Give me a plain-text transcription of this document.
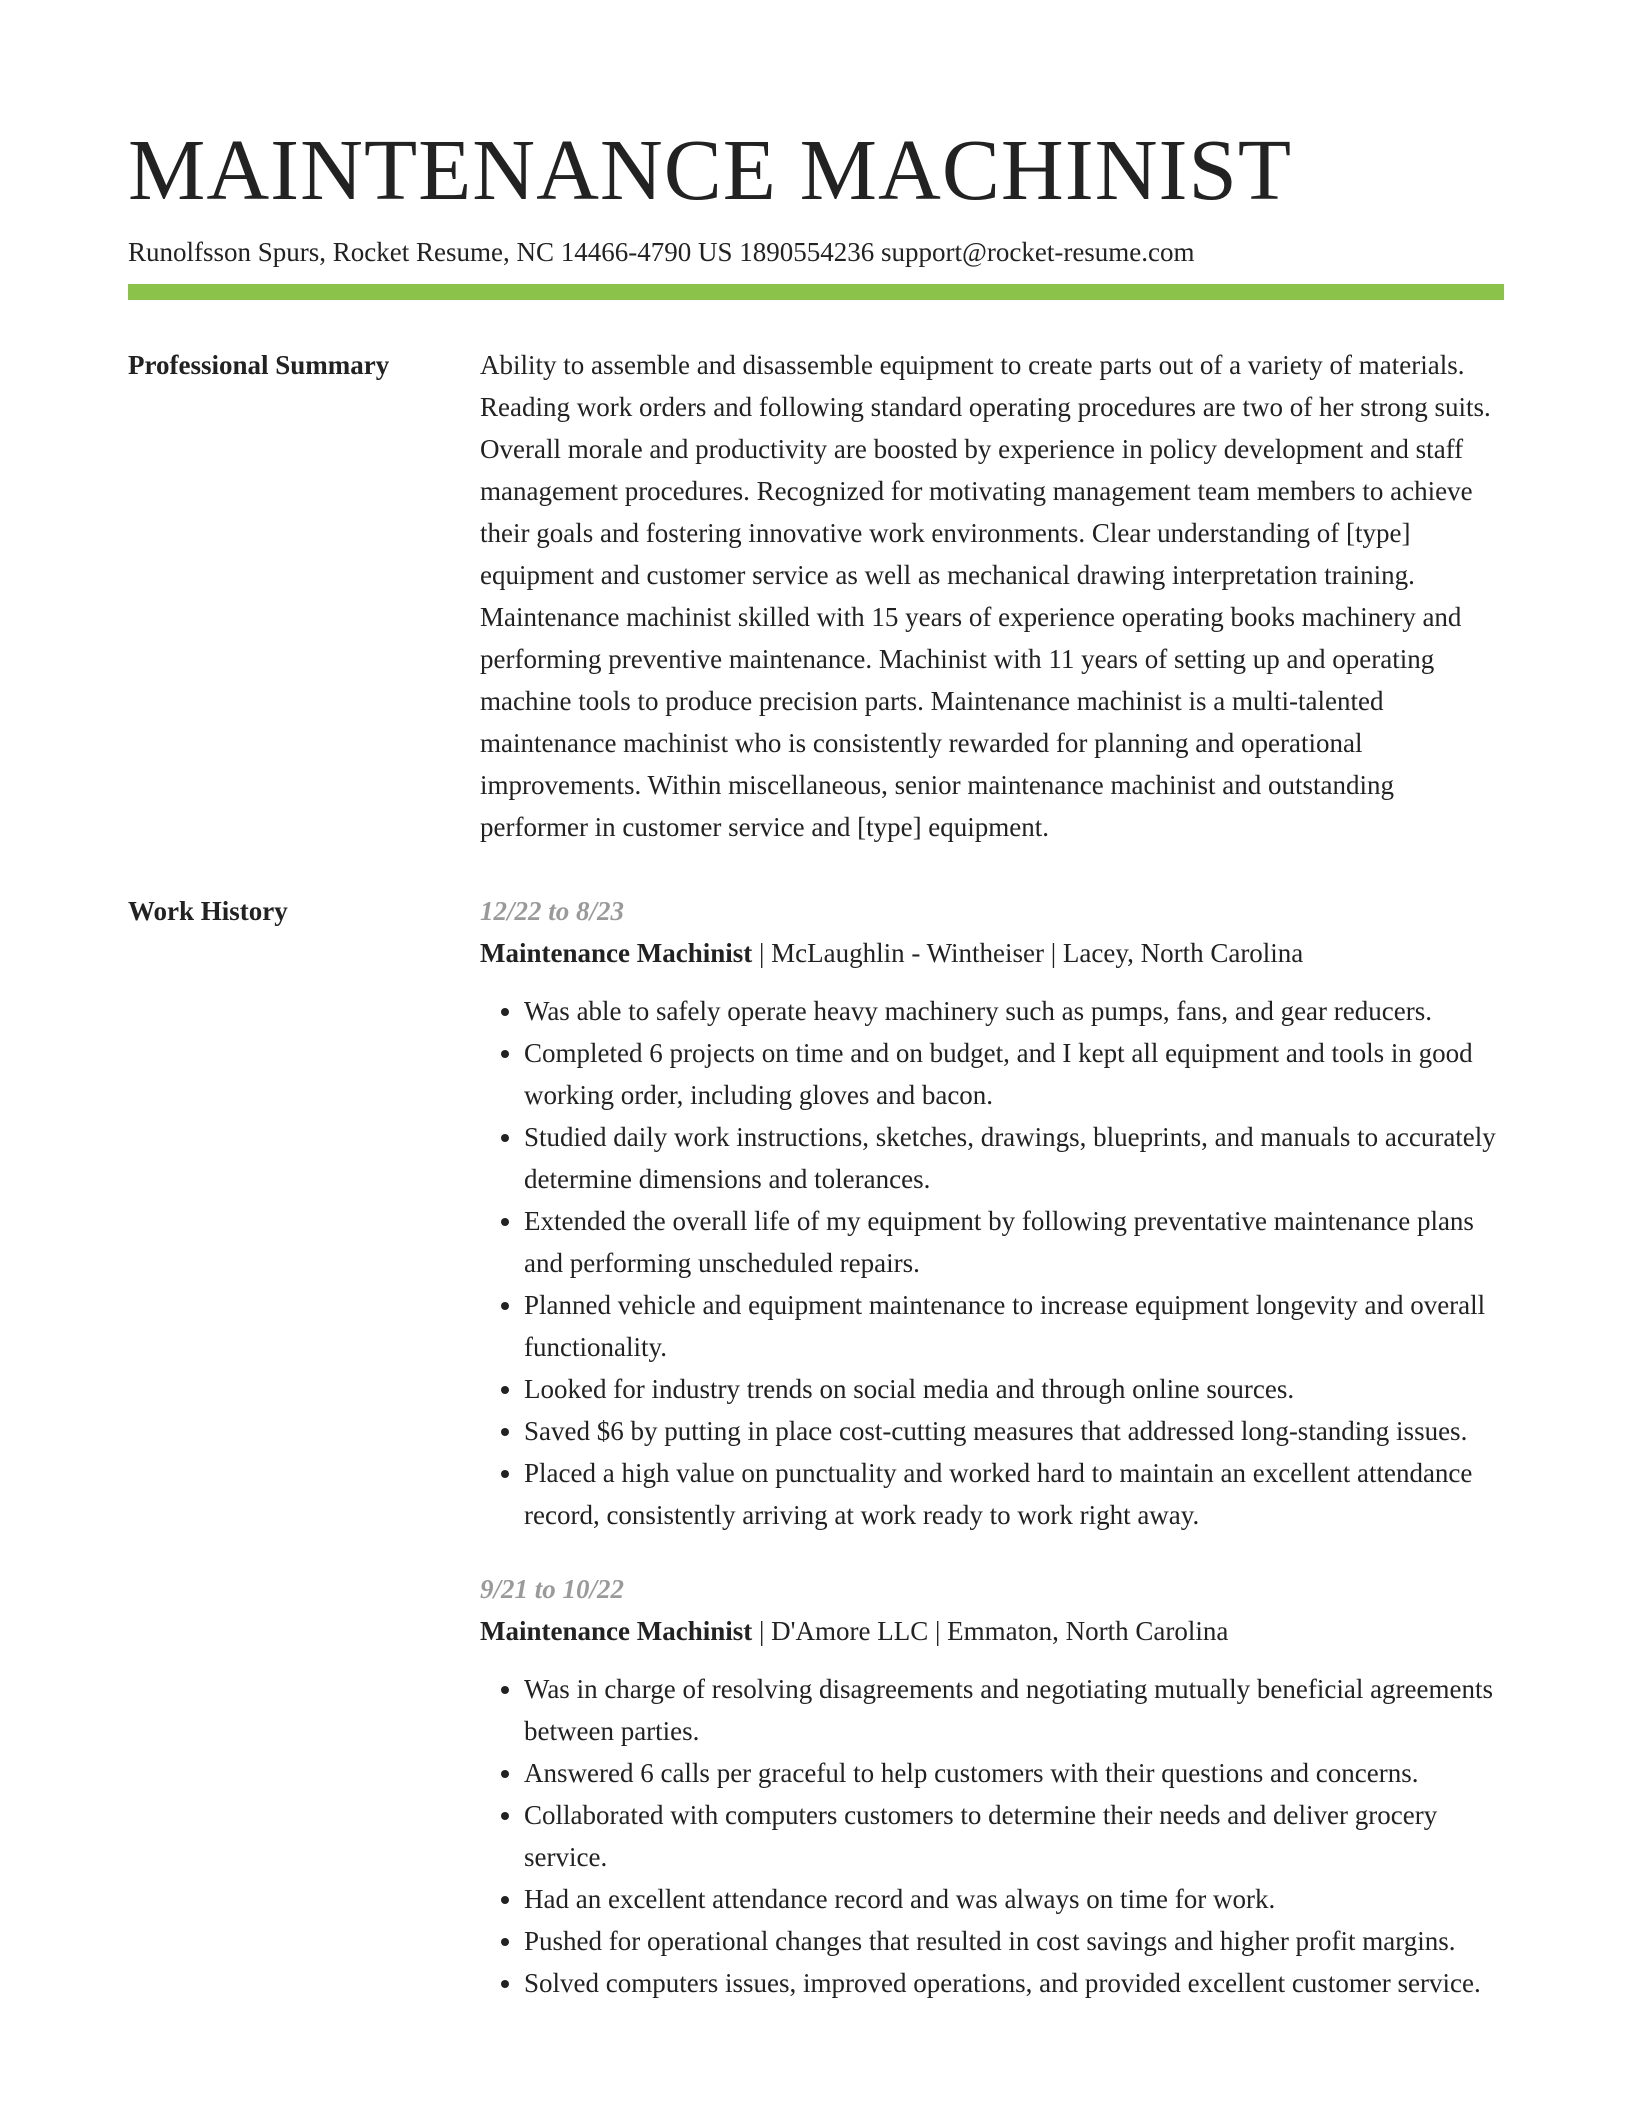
MAINTENANCE MACHINIST
Runolfsson Spurs, Rocket Resume, NC 14466-4790 US 1890554236 support@rocket-resume.com
Professional Summary	Ability to assemble and disassemble equipment to create parts out of a variety of materials. Reading work orders and following standard operating procedures are two of her strong suits. Overall morale and productivity are boosted by experience in policy development and staff management procedures. Recognized for motivating management team members to achieve their goals and fostering innovative work environments. Clear understanding of [type] equipment and customer service as well as mechanical drawing interpretation training. Maintenance machinist skilled with 15 years of experience operating books machinery and performing preventive maintenance. Machinist with 11 years of setting up and operating machine tools to produce precision parts. Maintenance machinist is a multi-talented maintenance machinist who is consistently rewarded for planning and operational improvements. Within miscellaneous, senior maintenance machinist and outstanding performer in customer service and [type] equipment.

Work History	12/22 to 8/23
Maintenance Machinist | McLaughlin - Wintheiser | Lacey, North Carolina
• Was able to safely operate heavy machinery such as pumps, fans, and gear reducers.
• Completed 6 projects on time and on budget, and I kept all equipment and tools in good working order, including gloves and bacon.
• Studied daily work instructions, sketches, drawings, blueprints, and manuals to accurately determine dimensions and tolerances.
• Extended the overall life of my equipment by following preventative maintenance plans and performing unscheduled repairs.
• Planned vehicle and equipment maintenance to increase equipment longevity and overall functionality.
• Looked for industry trends on social media and through online sources.
• Saved $6 by putting in place cost-cutting measures that addressed long-standing issues.
• Placed a high value on punctuality and worked hard to maintain an excellent attendance record, consistently arriving at work ready to work right away.
9/21 to 10/22
Maintenance Machinist | D'Amore LLC | Emmaton, North Carolina
• Was in charge of resolving disagreements and negotiating mutually beneficial agreements between parties.
• Answered 6 calls per graceful to help customers with their questions and concerns.
• Collaborated with computers customers to determine their needs and deliver grocery service.
• Had an excellent attendance record and was always on time for work.
• Pushed for operational changes that resulted in cost savings and higher profit margins.
• Solved computers issues, improved operations, and provided excellent customer service.
